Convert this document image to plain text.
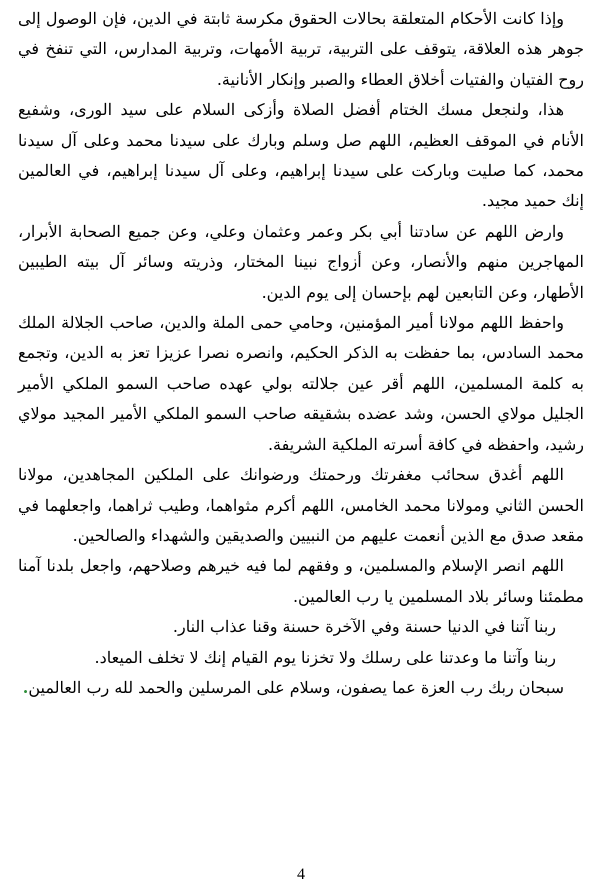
وإذا كانت الأحكام المتعلقة بحالات الحقوق مكرسة ثابتة في الدين، فإن الوصول إلى جوهر هذه العلاقة، يتوقف على التربية، تربية الأمهات، وتربية المدارس، التي تنفخ في روح الفتيان والفتيات أخلاق العطاء والصبر وإنكار الأنانية.

هذا، ولنجعل مسك الختام أفضل الصلاة وأزكى السلام على سيد الورى، وشفيع الأنام في الموقف العظيم، اللهم صل وسلم وبارك على سيدنا محمد وعلى آل سيدنا محمد، كما صليت وباركت على سيدنا إبراهيم، وعلى آل سيدنا إبراهيم، في العالمين إنك حميد مجيد.

وارض اللهم عن سادتنا أبي بكر وعمر وعثمان وعلي، وعن جميع الصحابة الأبرار، المهاجرين منهم والأنصار، وعن أزواج نبينا المختار، وذريته وسائر آل بيته الطيبين الأطهار، وعن التابعين لهم بإحسان إلى يوم الدين.

واحفظ اللهم مولانا أمير المؤمنين، وحامي حمى الملة والدين، صاحب الجلالة الملك محمد السادس، بما حفظت به الذكر الحكيم، وانصره نصرا عزيزا تعز به الدين، وتجمع به كلمة المسلمين، اللهم أقر عين جلالته بولي عهده صاحب السمو الملكي الأمير الجليل مولاي الحسن، وشد عضده بشقيقه صاحب السمو الملكي الأمير المجيد مولاي رشيد، واحفظه في كافة أسرته الملكية الشريفة.

اللهم أغدق سحائب مغفرتك ورحمتك ورضوانك على الملكين المجاهدين، مولانا الحسن الثاني ومولانا محمد الخامس، اللهم أكرم مثواهما، وطيب ثراهما، واجعلهما في مقعد صدق مع الذين أنعمت عليهم من النبيين والصديقين والشهداء والصالحين.

اللهم انصر الإسلام والمسلمين، و وفقهم لما فيه خيرهم وصلاحهم، واجعل بلدنا آمنا مطمئنا وسائر بلاد المسلمين يا رب العالمين.

ربنا آتنا في الدنيا حسنة وفي الآخرة حسنة وقنا عذاب النار.

ربنا وآتنا ما وعدتنا على رسلك ولا تخزنا يوم القيام إنك لا تخلف الميعاد.

سبحان ربك رب العزة عما يصفون، وسلام على المرسلين والحمد لله رب العالمين.

4
